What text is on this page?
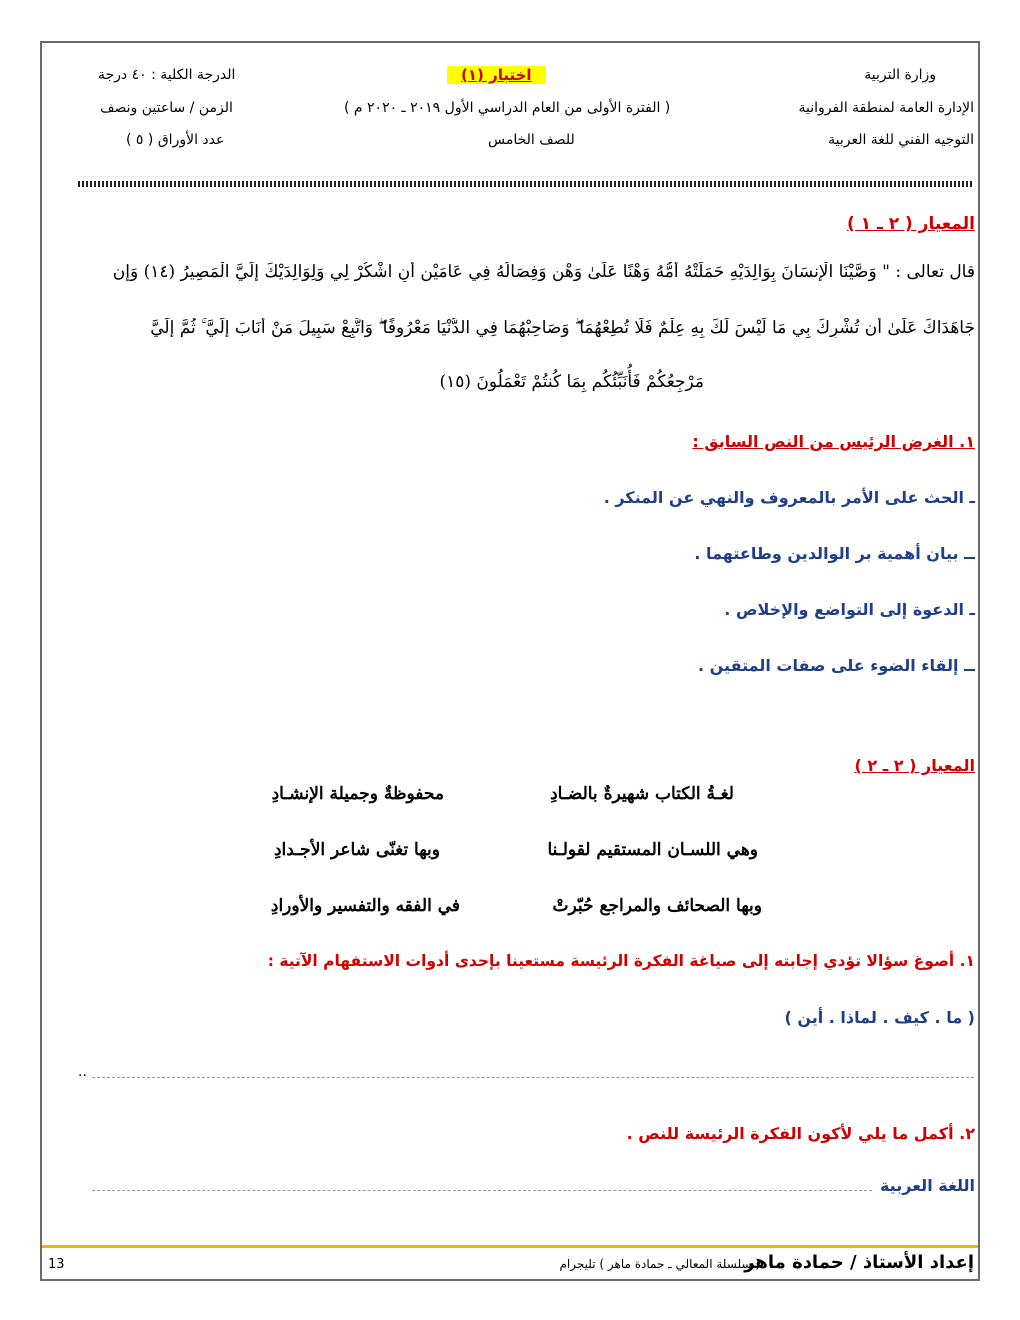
وزارة التربية
الإدارة العامة لمنطقة الفروانية
التوجيه الفني للغة العربية
اختبار (١)
( الفترة الأولى من العام الدراسي الأول ٢٠١٩ ـ ٢٠٢٠ م )
للصف الخامس
الدرجة الكلية : ٤٠ درجة
الزمن / ساعتين ونصف
عدد الأوراق ( ٥ )
المعيار ( ٢ ـ ١ )
قال تعالى : " وَصَّيْنَا الْإِنسَانَ بِوَالِدَيْهِ حَمَلَتْهُ أُمُّهُ وَهْنًا عَلَىٰ وَهْنٍ وَفِصَالُهُ فِي عَامَيْنِ أَنِ اشْكُرْ لِي وَلِوَالِدَيْكَ إِلَيَّ الْمَصِيرُ (١٤) وَإِن
جَاهَدَاكَ عَلَىٰ أَن تُشْرِكَ بِي مَا لَيْسَ لَكَ بِهِ عِلْمٌ فَلَا تُطِعْهُمَا ۖ وَصَاحِبْهُمَا فِي الدُّنْيَا مَعْرُوفًا ۖ وَاتَّبِعْ سَبِيلَ مَنْ أَنَابَ إِلَيَّ ۚ ثُمَّ إِلَيَّ
مَرْجِعُكُمْ فَأُنَبِّئُكُم بِمَا كُنتُمْ تَعْمَلُونَ (١٥)
١. الغرض الرئيس من النص السابق :
ـ الحث على الأمر بالمعروف والنهي عن المنكر .
ــ بيان أهمية بر الوالدين وطاعتهما .
ـ الدعوة إلى التواضع والإخلاص .
ــ إلقاء الضوء على صفات المتقين .
المعيار ( ٢ ـ ٢ )
لغـةُ الكتاب شهيرةٌ بالضـادِ
محفوظةٌ وجميلة الإنشـادِ
وهي اللسـان المستقيم لقولـنا
وبها تغنّى شاعر الأجـدادِ
وبها الصحائف والمراجع حُبّرتْ
في الفقه والتفسير والأورادِ
١. أصوغ سؤالا تؤدي إجابته إلى صياغة الفكرة الرئيسة مستعينا بإحدى أدوات الاستفهام الآتية :
( ما . كيف . لماذا . أين )
..
٢. أكمل ما يلي لأكون الفكرة الرئيسة للنص .
اللغة العربية
إعداد الأستاذ / حمادة ماهر
( سلسلة المعالي ـ حمادة ماهر ) تليجرام
13
